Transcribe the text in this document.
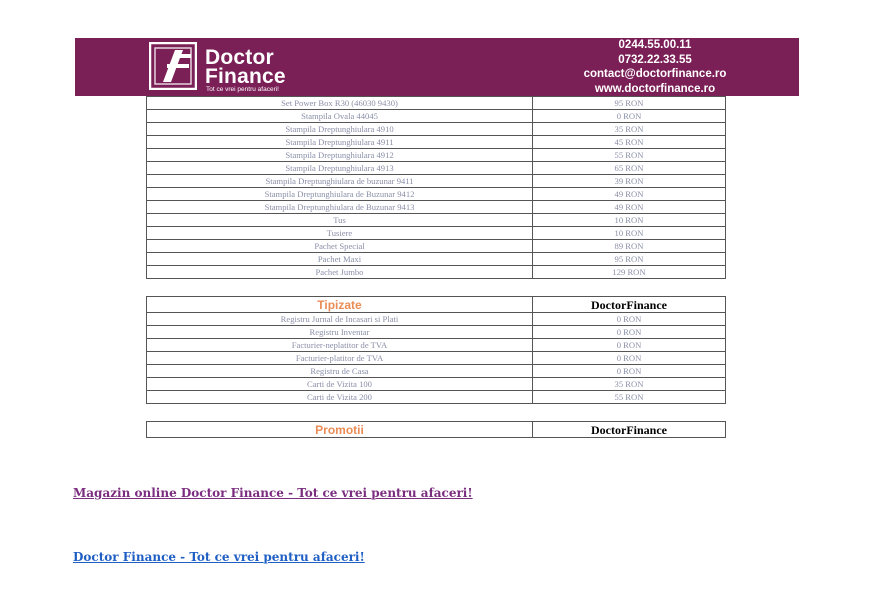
Doctor
Finance
Tot ce vrei pentru afaceri!
0244.55.00.11
0732.22.33.55
contact@doctorfinance.ro
www.doctorfinance.ro
Set Power Box R30 (46030 9430)	95 RON
Stampila Ovala 44045	0 RON
Stampila Dreptunghiulara 4910	35 RON
Stampila Dreptunghiulara 4911	45 RON
Stampila Dreptunghiulara 4912	55 RON
Stampila Dreptunghiulara 4913	65 RON
Stampila Dreptunghiulara de buzunar 9411	39 RON
Stampila Dreptunghiulara de Buzunar 9412	49 RON
Stampila Dreptunghiulara de Buzunar 9413	49 RON
Tus	10 RON
Tusiere	10 RON
Pachet Special	89 RON
Pachet Maxi	95 RON
Pachet Jumbo	129 RON
Tipizate	DoctorFinance
Registru Jurnal de Incasari si Plati	0 RON
Registru Inventar	0 RON
Facturier-neplatitor de TVA	0 RON
Facturier-platitor de TVA	0 RON
Registru de Casa	0 RON
Carti de Vizita 100	35 RON
Carti de Vizita 200	55 RON
Promotii	DoctorFinance
Magazin online Doctor Finance - Tot ce vrei pentru afaceri!
Doctor Finance - Tot ce vrei pentru afaceri!
